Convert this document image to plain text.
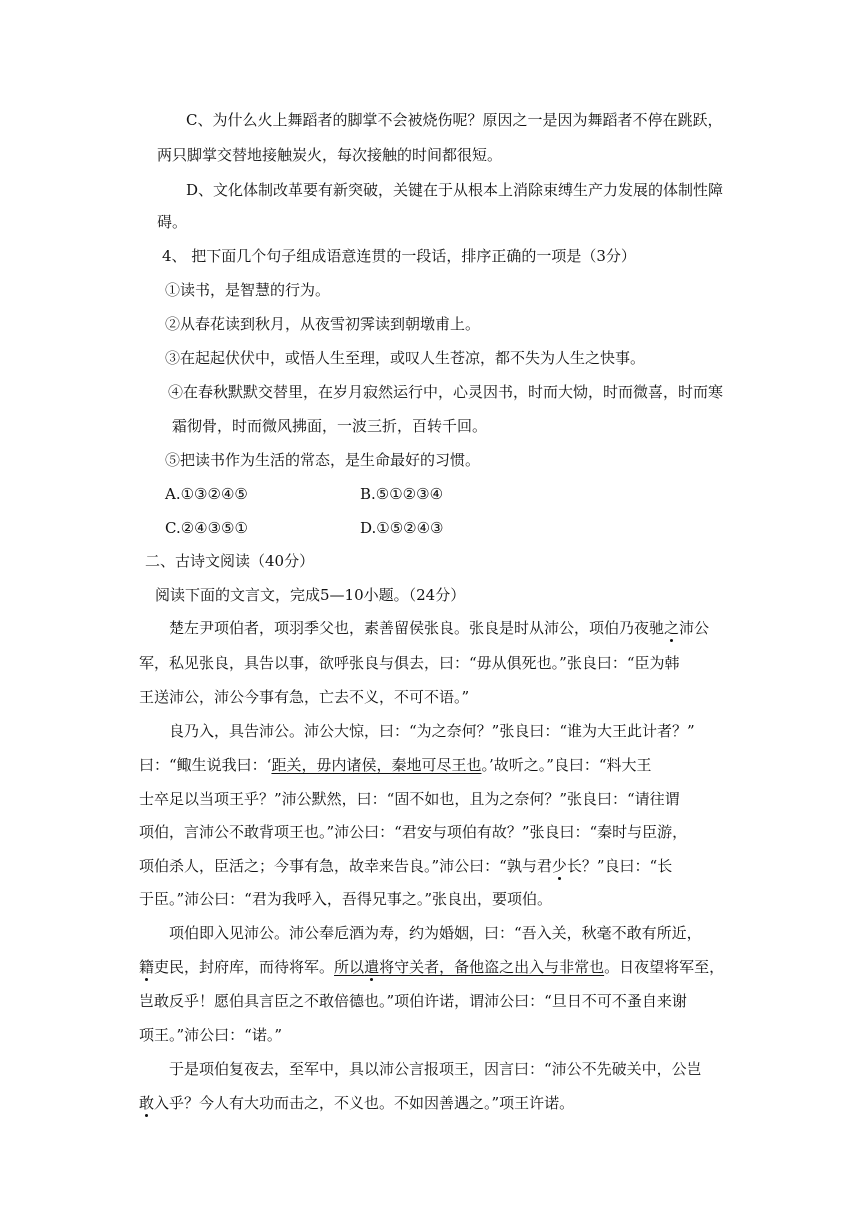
C、为什么火上舞蹈者的脚掌不会被烧伤呢？原因之一是因为舞蹈者不停在跳跃，
两只脚掌交替地接触炭火，每次接触的时间都很短。
D、文化体制改革要有新突破，关键在于从根本上消除束缚生产力发展的体制性障
碍。
4、 把下面几个句子组成语意连贯的一段话，排序正确的一项是（3分）
①读书，是智慧的行为。
②从春花读到秋月，从夜雪初霁读到朝墩甫上。
③在起起伏伏中，或悟人生至理，或叹人生苍凉，都不失为人生之快事。
④在春秋默默交替里，在岁月寂然运行中，心灵因书，时而大恸，时而微喜，时而寒
霜彻骨，时而微风拂面，一波三折，百转千回。
⑤把读书作为生活的常态，是生命最好的习惯。
A.①③②④⑤	B.⑤①②③④
C.②④③⑤①	D.①⑤②④③
二、古诗文阅读（40分）
阅读下面的文言文，完成5—10小题。（24分）
楚左尹项伯者，项羽季父也，素善留侯张良。张良是时从沛公，项伯乃夜驰之沛公
军，私见张良，具告以事，欲呼张良与俱去，曰：“毋从俱死也。”张良曰：“臣为韩
王送沛公，沛公今事有急，亡去不义，不可不语。”
良乃入，具告沛公。沛公大惊，曰：“为之奈何？”张良曰：“谁为大王此计者？”
曰：“鲰生说我曰：‘距关，毋内诸侯，秦地可尽王也。’故听之。”良曰：“料大王
士卒足以当项王乎？”沛公默然，曰：“固不如也，且为之奈何？”张良曰：“请往谓
项伯，言沛公不敢背项王也。”沛公曰：“君安与项伯有故？”张良曰：“秦时与臣游，
项伯杀人，臣活之；今事有急，故幸来告良。”沛公曰：“孰与君少长？”良曰：“长
于臣。”沛公曰：“君为我呼入，吾得兄事之。”张良出，要项伯。
项伯即入见沛公。沛公奉卮酒为寿，约为婚姻，曰：“吾入关，秋毫不敢有所近，
籍吏民，封府库，而待将军。所以遣将守关者，备他盗之出入与非常也。日夜望将军至，
岂敢反乎！愿伯具言臣之不敢倍德也。”项伯许诺，谓沛公曰：“旦日不可不蚤自来谢
项王。”沛公曰：“诺。”
于是项伯复夜去，至军中，具以沛公言报项王，因言曰：“沛公不先破关中，公岂
敢入乎？今人有大功而击之，不义也。不如因善遇之。”项王许诺。
